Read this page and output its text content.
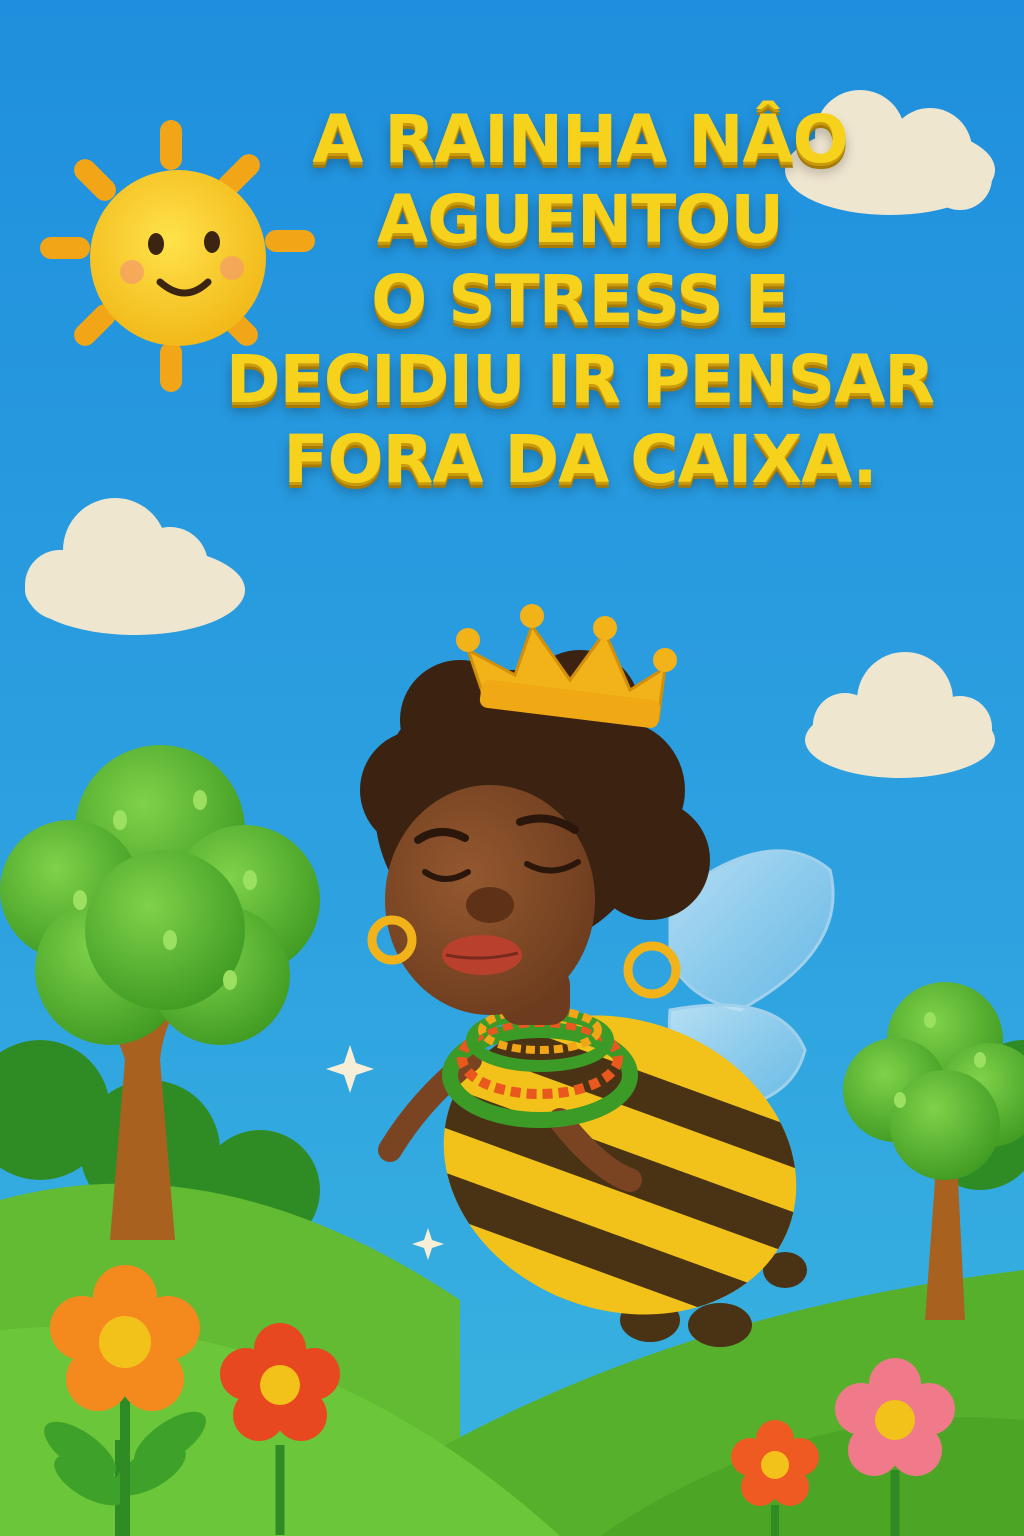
A RAINHA NÂO
AGUENTOU
O STRESS E
DECIDIU IR PENSAR
FORA DA CAIXA.
